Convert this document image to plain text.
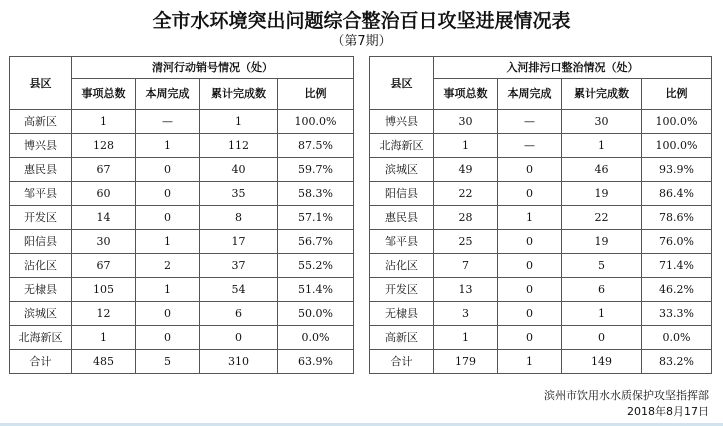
全市水环境突出问题综合整治百日攻坚进展情况表
（第7期）
县区	清河行动销号情况（处）			
	事项总数	本周完成	累计完成数	比例
高新区	1	—	1	100.0%
博兴县	128	1	112	87.5%
惠民县	67	0	40	59.7%
邹平县	60	0	35	58.3%
开发区	14	0	8	57.1%
阳信县	30	1	17	56.7%
沾化区	67	2	37	55.2%
无棣县	105	1	54	51.4%
滨城区	12	0	6	50.0%
北海新区	1	0	0	0.0%
合计	485	5	310	63.9%
县区	入河排污口整治情况（处）			
	事项总数	本周完成	累计完成数	比例
博兴县	30	—	30	100.0%
北海新区	1	—	1	100.0%
滨城区	49	0	46	93.9%
阳信县	22	0	19	86.4%
惠民县	28	1	22	78.6%
邹平县	25	0	19	76.0%
沾化区	7	0	5	71.4%
开发区	13	0	6	46.2%
无棣县	3	0	1	33.3%
高新区	1	0	0	0.0%
合计	179	1	149	83.2%
滨州市饮用水水质保护攻坚指挥部
2018年8月17日
